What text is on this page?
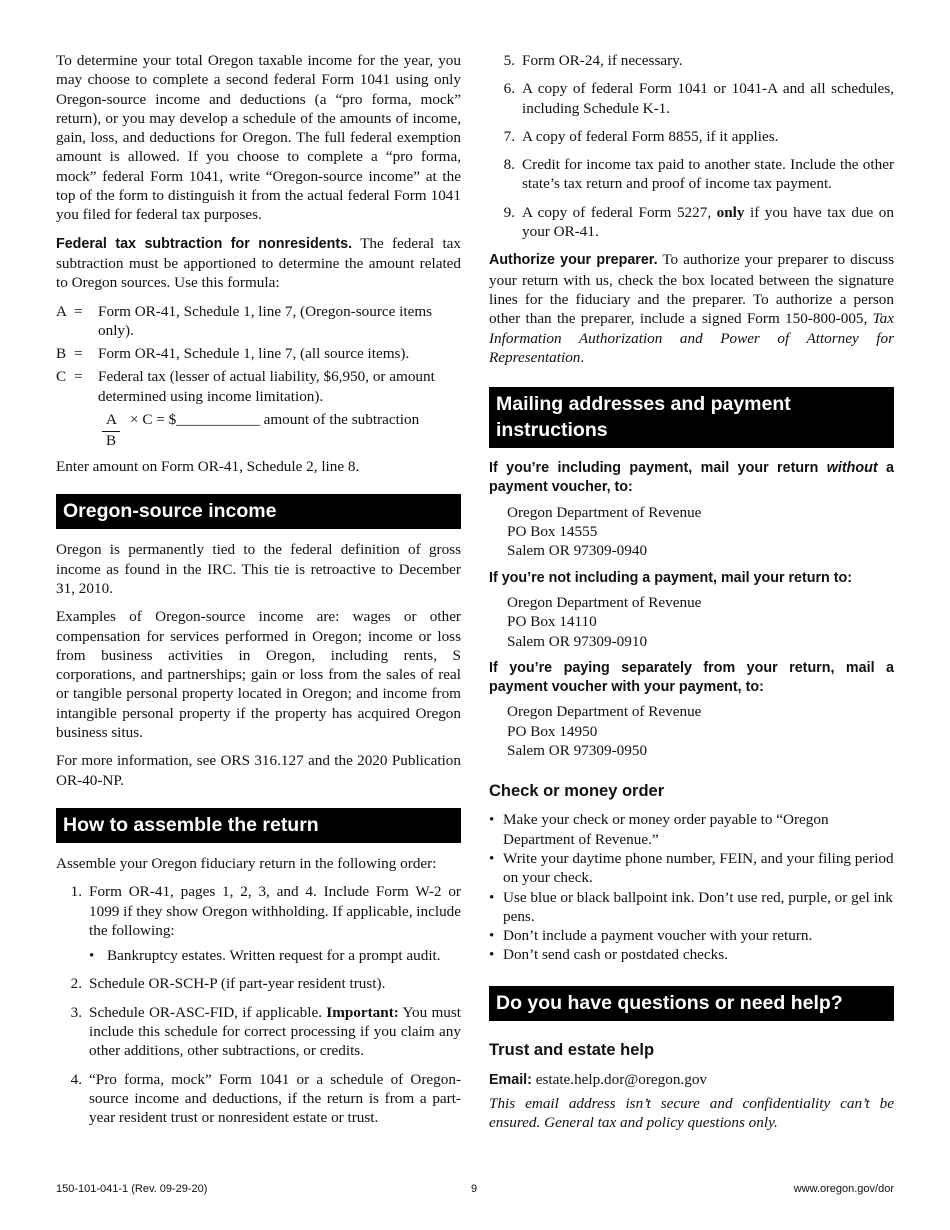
To determine your total Oregon taxable income for the year, you may choose to complete a second federal Form 1041 using only Oregon-source income and deductions (a “pro forma, mock” return), or you may develop a schedule of the amounts of income, gain, loss, and deductions for Oregon. The full federal exemption amount is allowed. If you choose to complete a “pro forma, mock” federal Form 1041, write “Oregon-source income” at the top of the form to distinguish it from the actual federal Form 1041 you filed for federal tax purposes.

Federal tax subtraction for nonresidents. The federal tax subtraction must be apportioned to determine the amount related to Oregon sources. Use this formula:

A =	Form OR-41, Schedule 1, line 7, (Oregon-source items only).
B =	Form OR-41, Schedule 1, line 7, (all source items).
C =	Federal tax (lesser of actual liability, $6,950, or amount determined using income limitation).
A
B
× C = $___________ amount of the subtraction

Enter amount on Form OR-41, Schedule 2, line 8.

Oregon-source income

Oregon is permanently tied to the federal definition of gross income as found in the IRC. This tie is retroactive to December 31, 2010.

Examples of Oregon-source income are: wages or other compensation for services performed in Oregon; income or loss from business activities in Oregon, including rents, S corporations, and partnerships; gain or loss from the sales of real or tangible personal property located in Oregon; and income from intangible personal property if the property has acquired Oregon business situs.

For more information, see ORS 316.127 and the 2020 Publication OR-40-NP.

How to assemble the return

Assemble your Oregon fiduciary return in the following order:

1. Form OR-41, pages 1, 2, 3, and 4. Include Form W-2 or 1099 if they show Oregon withholding. If applicable, include the following:
• Bankruptcy estates. Written request for a prompt audit.
2. Schedule OR-SCH-P (if part-year resident trust).
3. Schedule OR-ASC-FID, if applicable. Important: You must include this schedule for correct processing if you claim any other additions, other subtractions, or credits.
4. “Pro forma, mock” Form 1041 or a schedule of Oregon-source income and deductions, if the return is from a part-year resident trust or nonresident estate or trust.
5. Form OR-24, if necessary.
6. A copy of federal Form 1041 or 1041-A and all schedules, including Schedule K-1.
7. A copy of federal Form 8855, if it applies.
8. Credit for income tax paid to another state. Include the other state’s tax return and proof of income tax payment.
9. A copy of federal Form 5227, only if you have tax due on your OR-41.

Authorize your preparer. To authorize your preparer to discuss your return with us, check the box located between the signature lines for the fiduciary and the preparer. To authorize a person other than the preparer, include a signed Form 150-800-005, Tax Information Authorization and Power of Attorney for Representation.

Mailing addresses and payment instructions

If you’re including payment, mail your return without a payment voucher, to:

Oregon Department of Revenue
PO Box 14555
Salem OR 97309-0940

If you’re not including a payment, mail your return to:

Oregon Department of Revenue
PO Box 14110
Salem OR 97309-0910

If you’re paying separately from your return, mail a payment voucher with your payment, to:

Oregon Department of Revenue
PO Box 14950
Salem OR 97309-0950
Check or money order
• Make your check or money order payable to “Oregon Department of Revenue.”
• Write your daytime phone number, FEIN, and your filing period on your check.
• Use blue or black ballpoint ink. Don’t use red, purple, or gel ink pens.
• Don’t include a payment voucher with your return.
• Don’t send cash or postdated checks.
Do you have questions or need help?
Trust and estate help

Email: estate.help.dor@oregon.gov

This email address isn’t secure and confidentiality can’t be ensured. General tax and policy questions only.

150-101-041-1 (Rev. 09-29-20)	9	www.oregon.gov/dor
